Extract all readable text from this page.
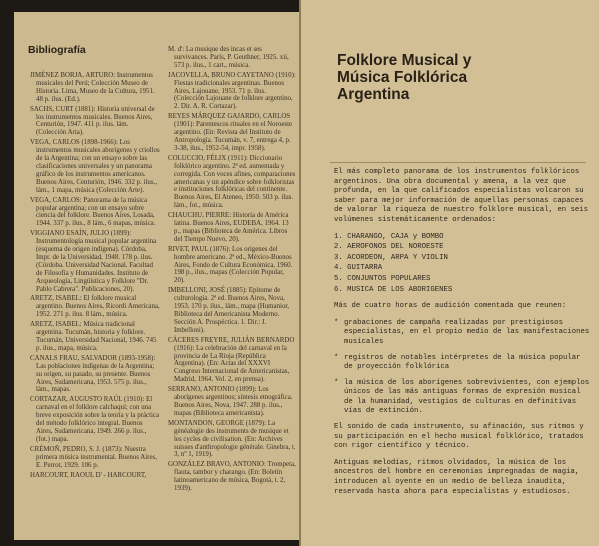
Bibliografía

JIMÉNEZ BORJA, ARTURO: Instrumentos musicales del Perú; Colección Museo de Historia. Lima, Museo de la Cultura, 1951. 48 p. ilus. (Ed.).

SACHS, CURT (1881): Historia universal de los instrumentos musicales. Buenos Aires, Centurión, 1947. 411 p. ilus. lám. (Colección Aria).

VEGA, CARLOS (1898-1966): Los instrumentos musicales aborígenes y criollos de la Argentina; con un ensayo sobre las clasificaciones universales y un panorama gráfico de los instrumentos americanos. Buenos Aires, Centurión, 1946. 332 p. ilus., lám., 1 mapa, música (Colección Arte).

VEGA, CARLOS: Panorama de la música popular argentina; con un ensayo sobre ciencia del folklore. Buenos Aires, Losada, 1944. 337 p. ilus., 8 lám., 6 mapas, música.

VIGGIANO ESAÍN, JULIO (1899): Instrumentología musical popular argentina (esquema de origen indígena). Córdoba, Impr. de la Universidad, 1948. 178 p. ilus. (Córdoba. Universidad Nacional. Facultad de Filosofía y Humanidades. Instituto de Arqueología, Lingüística y Folklore "Dr. Pablo Cabrera". Publicaciones, 20).

ARETZ, ISABEL: El folklore musical argentino. Buenos Aires, Ricordi Americana, 1952. 271 p. ilus. 8 lám., música.

ARETZ, ISABEL: Música tradicional argentina. Tucumán, historia y folklore. Tucumán, Universidad Nacional, 1946. 745 p. ilus., mapa, música.

CANALS FRAU, SALVADOR (1893-1958): Las poblaciones indígenas de la Argentina; su origen, su pasado, su presente. Buenos Aires, Sudamericana, 1953. 575 p. ilus., lám., mapas.

CORTAZAR, AUGUSTO RAÚL (1910): El carnaval en el folklore calchaquí; con una breve exposición sobre la teoría y la práctica del método folklórico integral. Buenos Aires, Sudamericana, 1949. 266 p. ilus., (fot.) mapa.

CRÉMOÑ, PEDRO, S. J. (1873): Nuestra primera música instrumental. Buenos Aires, E. Perrot, 1929. 106 p.

HARCOURT, RAOUL D' - HARCOURT,

M. d': La musique des incas et ses survivances. París, P. Geuthner, 1925. xii, 573 p. ilus., 1 cart., música.

JACOVELLA, BRUNO CAYETANO (1910): Fiestas tradicionales argentinas. Buenos Aires, Lajouane, 1953. 71 p. ilus. (Colección Lajouane de folklore argentino, 2. Dir. A. R. Cortazar).

REYES MÁRQUEZ GAJARDO, CARLOS (1901): Parentescos rituales en el Noroeste argentino. (En: Revista del Instituto de Antropología. Tucumán, v. 7, entrega 4, p. 3-38, ilus., 1952-54, impr. 1958).

COLUCCIO, FÉLIX (1911): Diccionario folklórico argentino. 2ª ed. aumentada y corregida. Con voces afines, comparaciones americanas y un apéndice sobre folkloristas e instituciones folklóricas del continente. Buenos Aires, El Ateneo, 1950. 503 p. ilus. lám., fot., música.

CHAUCHU, PIERRE: Historia de América latina. Buenos Aires, EUDEBA, 1964. 13 p., mapas (Biblioteca de América. Libros del Tiempo Nuevo, 20).

RIVET, PAUL (1876): Los orígenes del hombre americano. 2ª ed., México-Buenos Aires, Fondo de Cultura Económica, 1960. 198 p., ilus., mapas (Colección Popular, 20).

IMBELLONI, JOSÉ (1885): Epítome de culturología. 2ª ed. Buenos Aires, Nova, 1953. 170 p. ilus., lám., mapa (Humanior, Biblioteca del Americanista Moderno. Sección A. Prospéctica. 1. Dir.: J. Imbelloni).

CÁCERES FREYRE, JULIÁN BERNARDO (1916): La celebración del carnaval en la provincia de La Rioja (República Argentina). (En: Actas del XXXVI Congreso Internacional de Americanistas, Madrid, 1964. Vol. 2, en prensa).

SERRANO, ANTONIO (1899): Los aborígenes argentinos; síntesis etnográfica. Buenos Aires, Nova, 1947. 288 p. ilus., mapas (Biblioteca americanista).

MONTANDON, GEORGE (1879): La généalogie des instruments de musique et les cycles de civilisation. (En: Archives suisses d'anthropologie générale. Ginebra, t. 3, nº 1, 1919).

GONZÁLEZ BRAVO, ANTONIO: Trompeta, flauta, tambor y charango. (En: Boletín latinoamericano de música, Bogotá, t. 2, 1939).

Folklore Musical y
Música Folklórica
Argentina

El más completo panorama de los instrumentos folklóricos argentinos. Una obra documental y amena, a la vez que profunda, en la que calificados especialistas volcaron su saber para mejor información de aquellas personas capaces de valorar la riqueza de nuestro folklore musical, en seis volúmenes sistemáticamente ordenados:

1. CHARANGO, CAJA y BOMBO
2. AEROFONOS DEL NOROESTE
3. ACORDEON, ARPA Y VIOLIN
4. GUITARRA
5. CONJUNTOS POPULARES
6. MUSICA DE LOS ABORIGENES

Más de cuatro horas de audición comentada que reunen:

* grabaciones de campaña realizadas por prestigiosos especialistas, en el propio medio de las manifestaciones musicales
* registros de notables intérpretes de la música popular de proyección folklórica
* la música de los aborígenes sobrevivientes, con ejemplos únicos de las más antiguas formas de expresión musical de la humanidad, vestigios de culturas en definitivas vías de extinción.

El sonido de cada instrumento, su afinación, sus ritmos y su participación en el hecho musical folklórico, tratados con rigor científico y técnico.

Antiguas melodías, ritmos olvidados, la música de los ancestros del hombre en ceremonias impregnadas de magia, introducen al oyente en un medio de belleza inaudita, reservada hasta ahora para especialistas y estudiosos.
